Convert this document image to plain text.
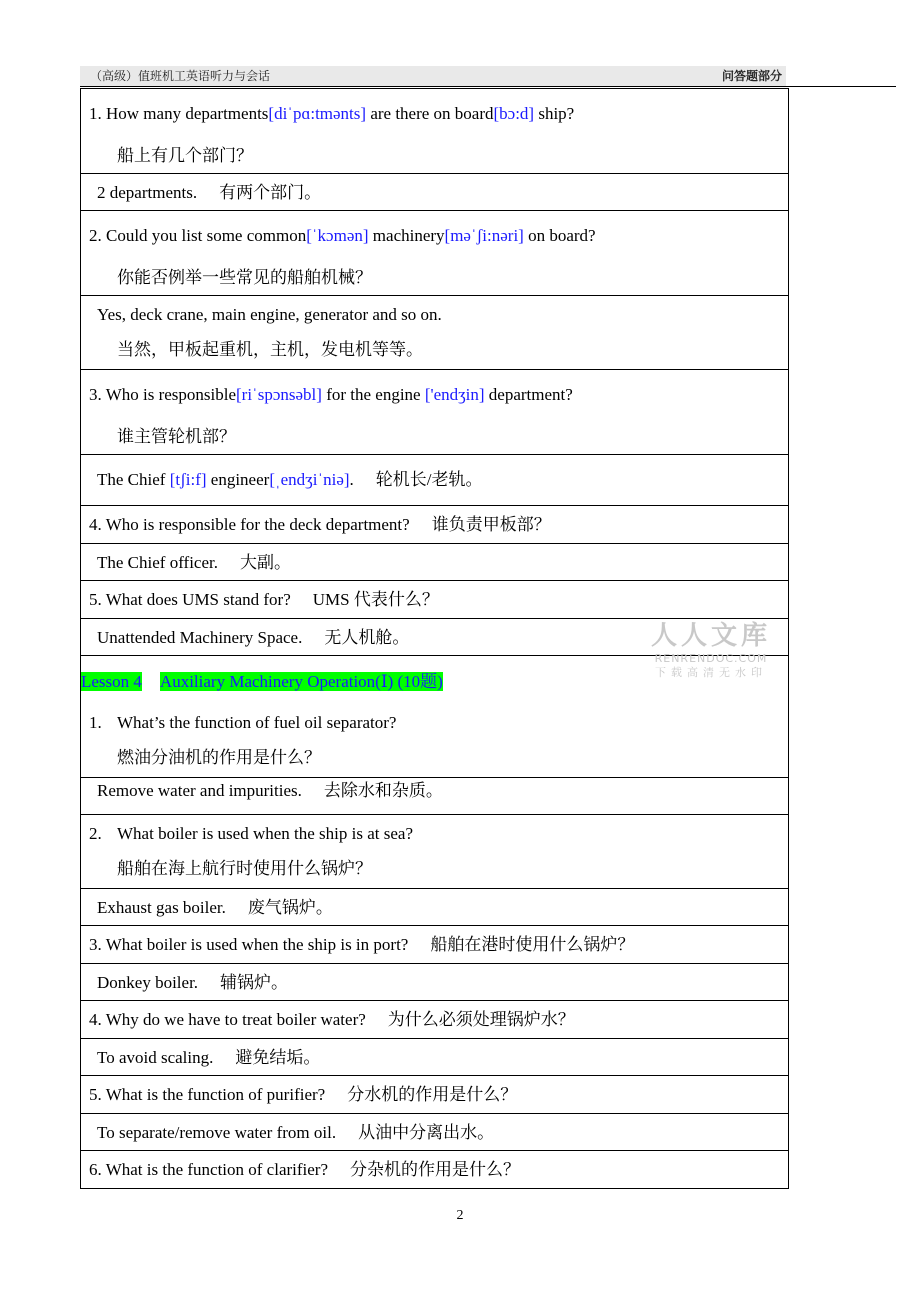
（高级）值班机工英语听力与会话	问答题部分
1. How many departments[diˈpɑ:tmənts] are there on board[bɔ:d] ship?
船上有几个部门？

2 departments. 有两个部门。

2. Could you list some common[ˈkɔmən] machinery[məˈʃi:nəri] on board?
你能否例举一些常见的船舶机械？

Yes, deck crane, main engine, generator and so on.
当然，甲板起重机，主机，发电机等等。

3. Who is responsible[riˈspɔnsəbl] for the engine ['endʒin] department?
谁主管轮机部？

The Chief [tʃi:f] engineer[ˌendʒiˈniə]. 轮机长/老轨。

4. Who is responsible for the deck department? 谁负责甲板部？

The Chief officer. 大副。

5. What does UMS stand for? UMS 代表什么？

Unattended Machinery Space. 无人机舱。

Lesson 4 Auxiliary Machinery Operation(Ⅰ) (10题)
1. What’s the function of fuel oil separator?
燃油分油机的作用是什么？

Remove water and impurities. 去除水和杂质。

2. What boiler is used when the ship is at sea?
船舶在海上航行时使用什么锅炉？

Exhaust gas boiler. 废气锅炉。

3. What boiler is used when the ship is in port? 船舶在港时使用什么锅炉？

Donkey boiler. 辅锅炉。

4. Why do we have to treat boiler water? 为什么必须处理锅炉水？

To avoid scaling. 避免结垢。

5. What is the function of purifier? 分水机的作用是什么？

To separate/remove water from oil. 从油中分离出水。

6. What is the function of clarifier? 分杂机的作用是什么？
人人文库
RENRENDOC.COM
下载高清无水印
2
